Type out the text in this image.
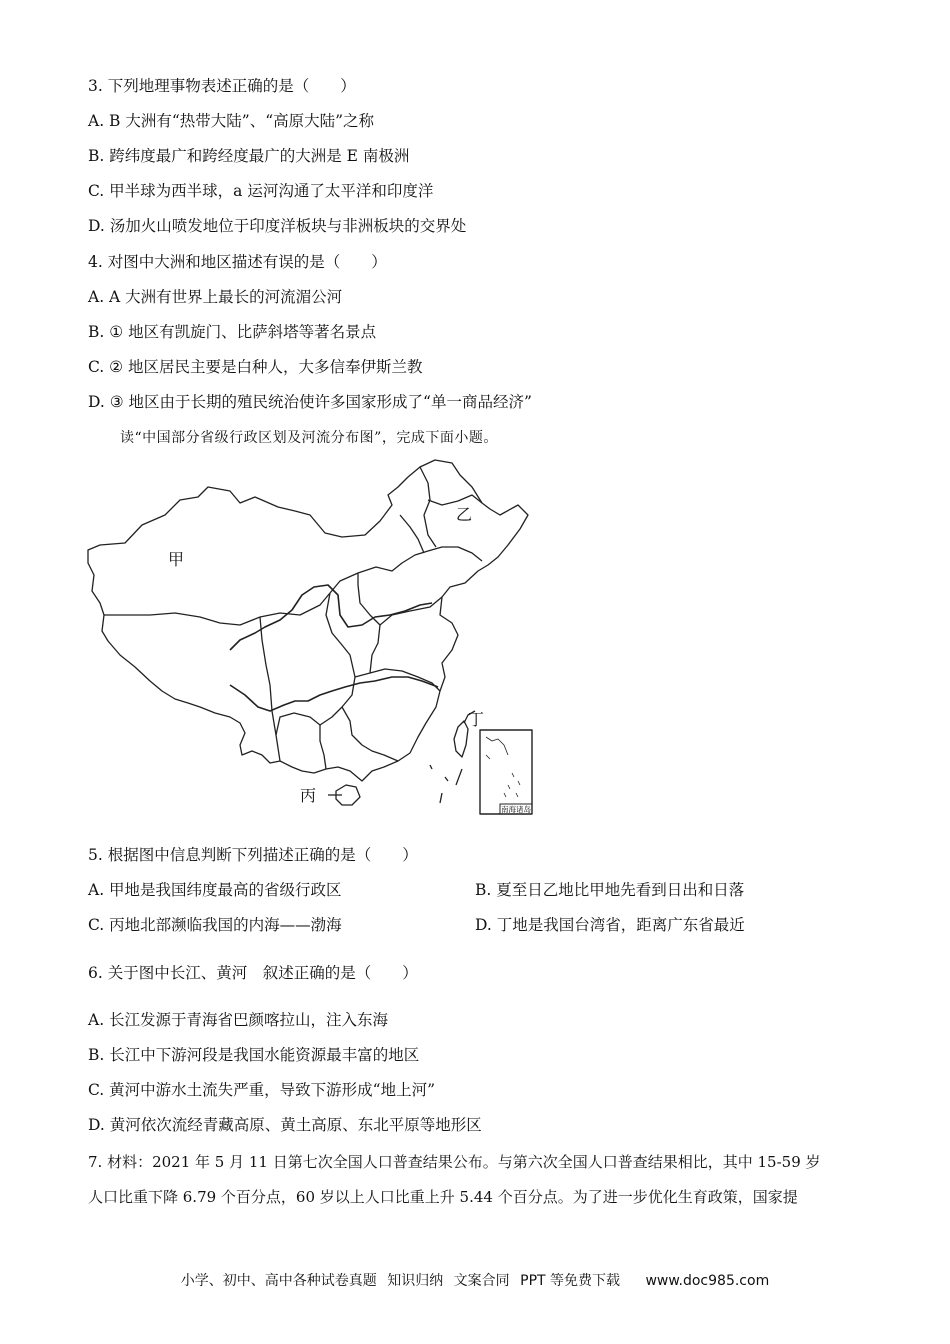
3. 下列地理事物表述正确的是（　　）
A. B 大洲有“热带大陆”、“高原大陆”之称
B. 跨纬度最广和跨经度最广的大洲是 E 南极洲
C. 甲半球为西半球，a 运河沟通了太平洋和印度洋
D. 汤加火山喷发地位于印度洋板块与非洲板块的交界处
4. 对图中大洲和地区描述有误的是（　　）
A. A 大洲有世界上最长的河流湄公河
B. ① 地区有凯旋门、比萨斜塔等著名景点
C. ② 地区居民主要是白种人，大多信奉伊斯兰教
D. ③ 地区由于长期的殖民统治使许多国家形成了“单一商品经济”
读“中国部分省级行政区划及河流分布图”，完成下面小题。
甲
乙
丙
丁
南海诸岛
5. 根据图中信息判断下列描述正确的是（　　）
A. 甲地是我国纬度最高的省级行政区	B. 夏至日乙地比甲地先看到日出和日落
C. 丙地北部濒临我国的内海——渤海	D. 丁地是我国台湾省，距离广东省最近
6. 关于图中长江、黄河　叙述正确的是（　　）
A. 长江发源于青海省巴颜喀拉山，注入东海
B. 长江中下游河段是我国水能资源最丰富的地区
C. 黄河中游水土流失严重，导致下游形成“地上河”
D. 黄河依次流经青藏高原、黄土高原、东北平原等地形区
7. 材料：2021 年 5 月 11 日第七次全国人口普查结果公布。与第六次全国人口普查结果相比，其中 15-59 岁
人口比重下降 6.79 个百分点，60 岁以上人口比重上升 5.44 个百分点。为了进一步优化生育政策，国家提
小学、初中、高中各种试卷真题 知识归纳 文案合同 PPT 等免费下载 www.doc985.com
